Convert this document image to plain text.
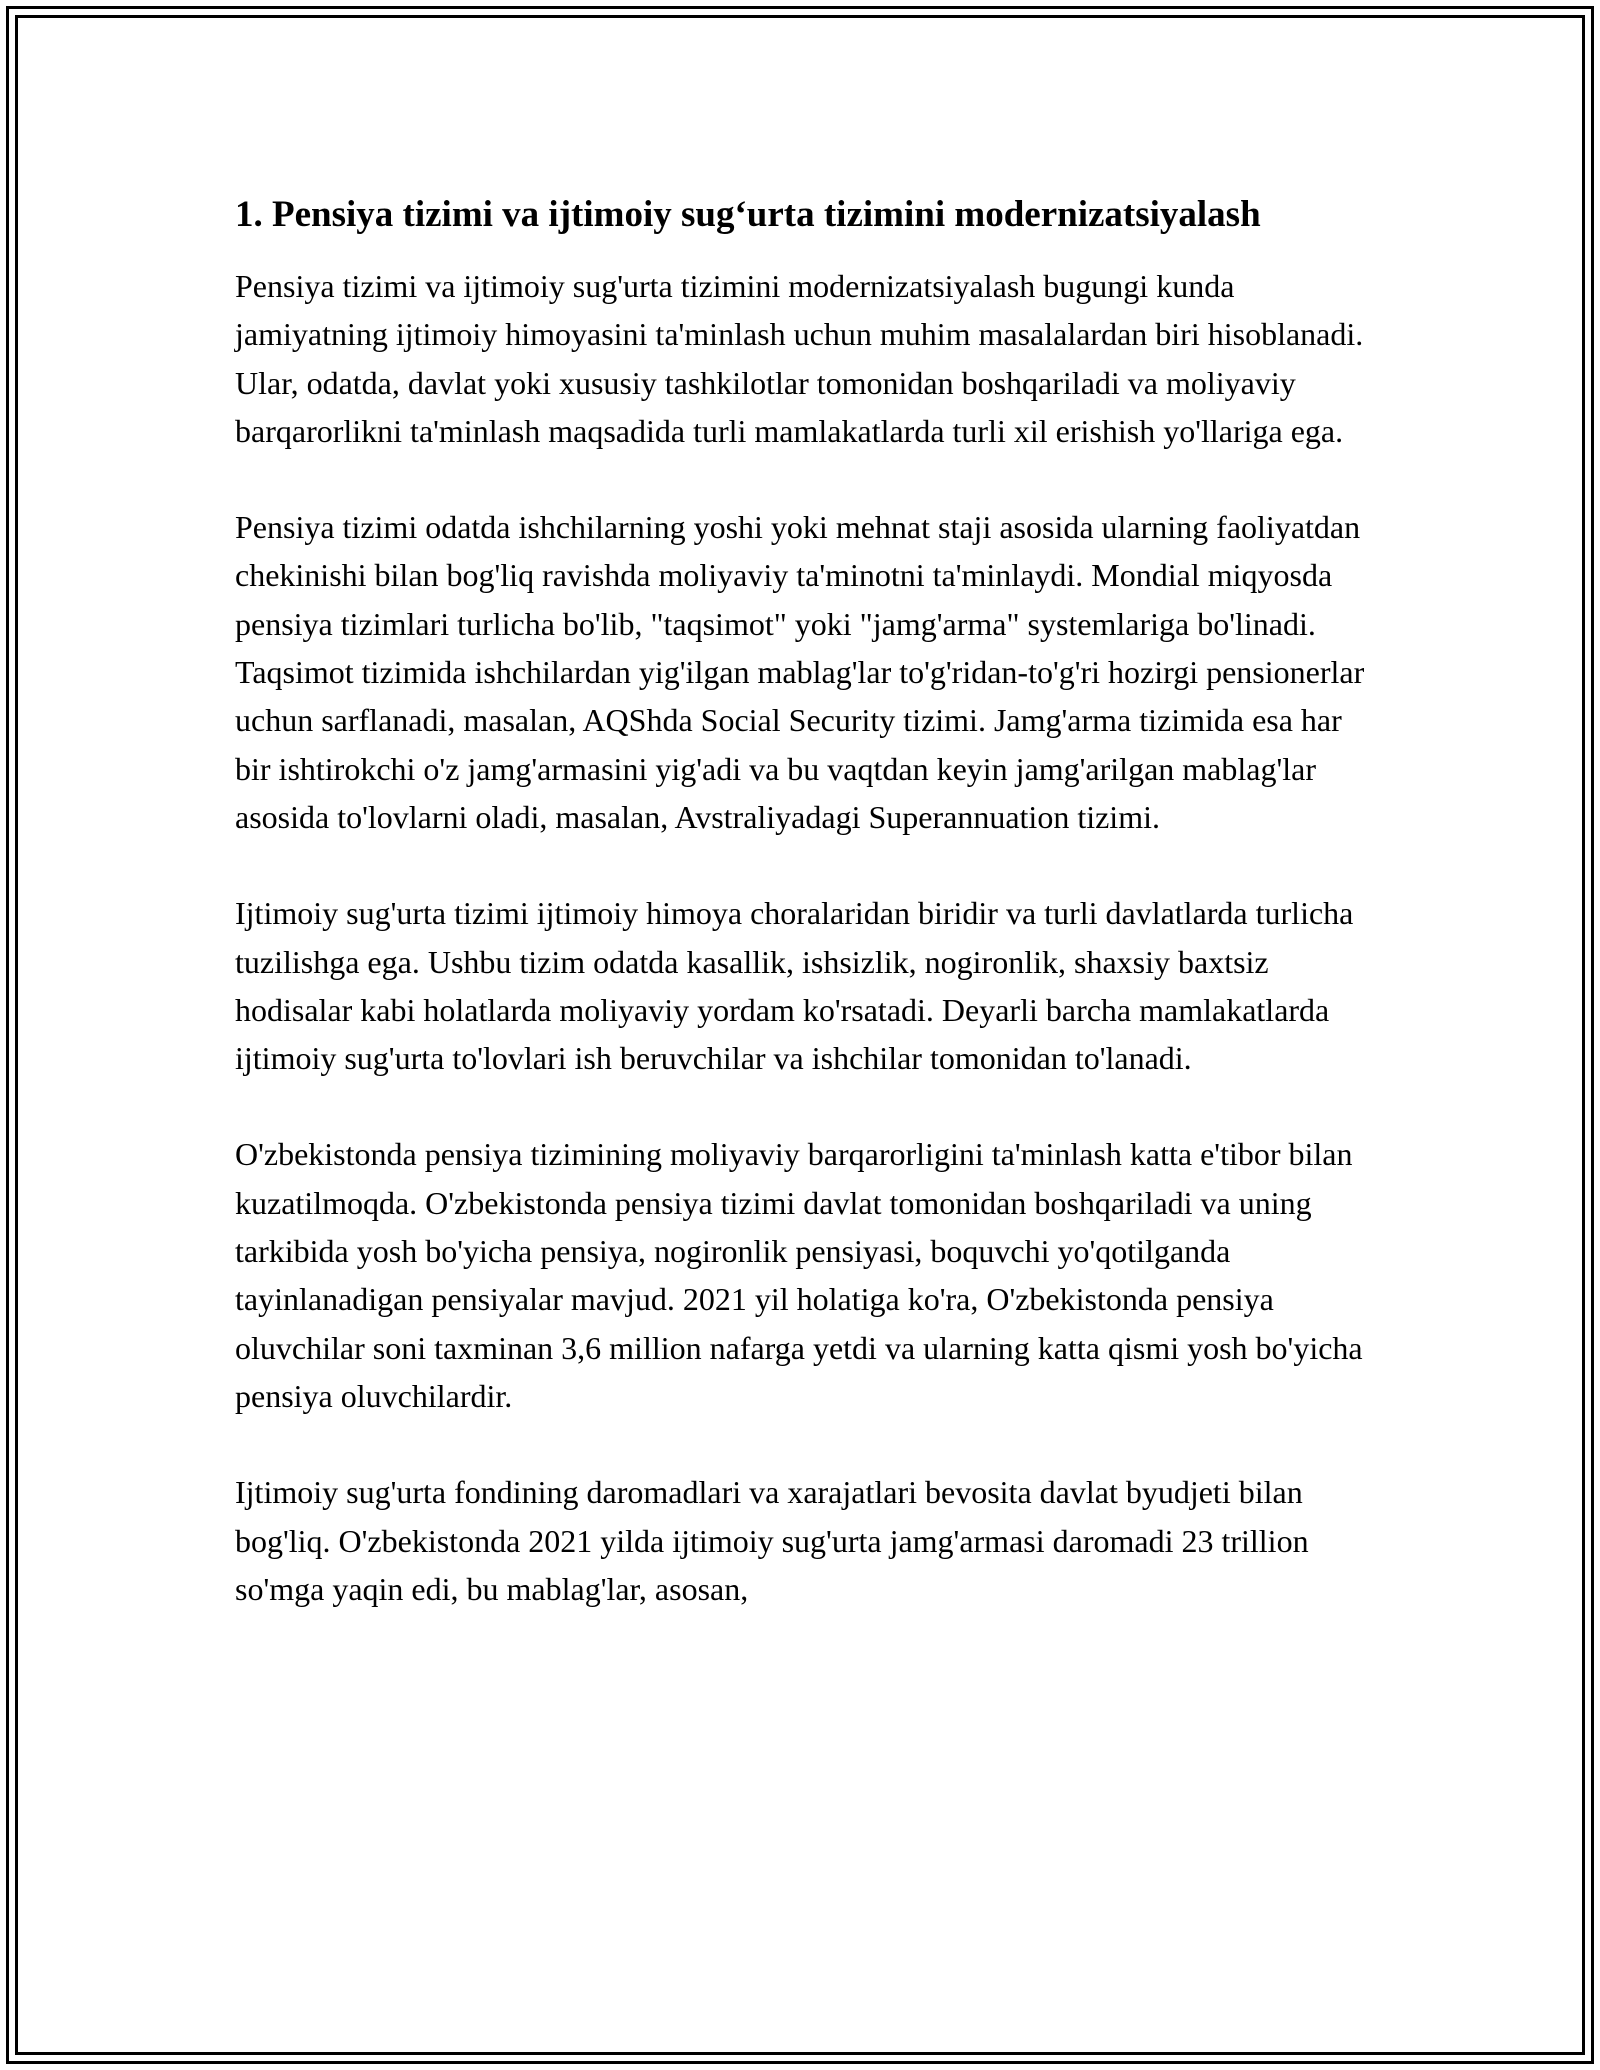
1. Pensiya tizimi va ijtimoiy sug‘urta tizimini modernizatsiyalash

Pensiya tizimi va ijtimoiy sug'urta tizimini modernizatsiyalash bugungi kunda jamiyatning ijtimoiy himoyasini ta'minlash uchun muhim masalalardan biri hisoblanadi. Ular, odatda, davlat yoki xususiy tashkilotlar tomonidan boshqariladi va moliyaviy barqarorlikni ta'minlash maqsadida turli mamlakatlarda turli xil erishish yo'llariga ega.

Pensiya tizimi odatda ishchilarning yoshi yoki mehnat staji asosida ularning faoliyatdan chekinishi bilan bog'liq ravishda moliyaviy ta'minotni ta'minlaydi. Mondial miqyosda pensiya tizimlari turlicha bo'lib, "taqsimot" yoki "jamg'arma" systemlariga bo'linadi. Taqsimot tizimida ishchilardan yig'ilgan mablag'lar to'g'ridan-to'g'ri hozirgi pensionerlar uchun sarflanadi, masalan, AQShda Social Security tizimi. Jamg'arma tizimida esa har bir ishtirokchi o'z jamg'armasini yig'adi va bu vaqtdan keyin jamg'arilgan mablag'lar asosida to'lovlarni oladi, masalan, Avstraliyadagi Superannuation tizimi.

Ijtimoiy sug'urta tizimi ijtimoiy himoya choralaridan biridir va turli davlatlarda turlicha tuzilishga ega. Ushbu tizim odatda kasallik, ishsizlik, nogironlik, shaxsiy baxtsiz hodisalar kabi holatlarda moliyaviy yordam ko'rsatadi. Deyarli barcha mamlakatlarda ijtimoiy sug'urta to'lovlari ish beruvchilar va ishchilar tomonidan to'lanadi.

O'zbekistonda pensiya tizimining moliyaviy barqarorligini ta'minlash katta e'tibor bilan kuzatilmoqda. O'zbekistonda pensiya tizimi davlat tomonidan boshqariladi va uning tarkibida yosh bo'yicha pensiya, nogironlik pensiyasi, boquvchi yo'qotilganda tayinlanadigan pensiyalar mavjud. 2021 yil holatiga ko'ra, O'zbekistonda pensiya oluvchilar soni taxminan 3,6 million nafarga yetdi va ularning katta qismi yosh bo'yicha pensiya oluvchilardir.

Ijtimoiy sug'urta fondining daromadlari va xarajatlari bevosita davlat byudjeti bilan bog'liq. O'zbekistonda 2021 yilda ijtimoiy sug'urta jamg'armasi daromadi 23 trillion so'mga yaqin edi, bu mablag'lar, asosan,
